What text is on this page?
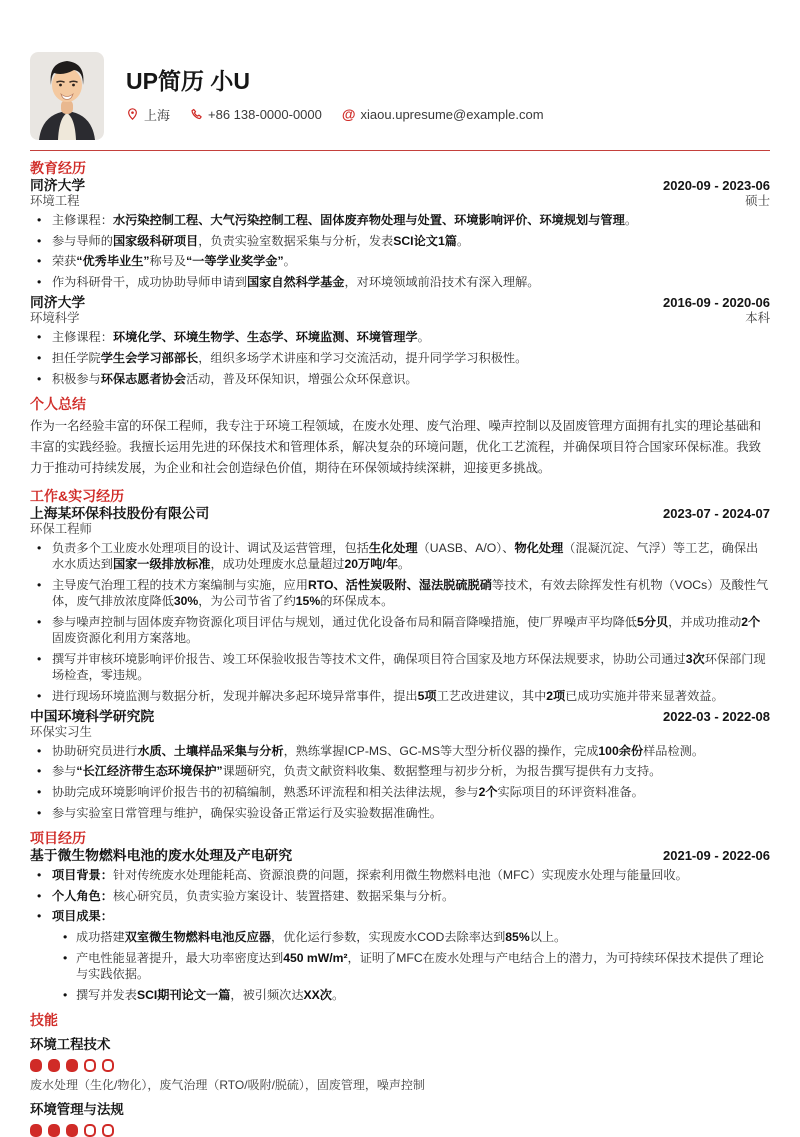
UP简历 小U
上海	+86 138-0000-0000 @ xiaou.upresume@example.com
教育经历
同济大学	2020-09 - 2023-06
环境工程	硕士
• 主修课程：水污染控制工程、大气污染控制工程、固体废弃物处理与处置、环境影响评价、环境规划与管理。
• 参与导师的国家级科研项目，负责实验室数据采集与分析，发表SCI论文1篇。
• 荣获“优秀毕业生”称号及“一等学业奖学金”。
• 作为科研骨干，成功协助导师申请到国家自然科学基金，对环境领域前沿技术有深入理解。
同济大学	2016-09 - 2020-06
环境科学	本科
• 主修课程：环境化学、环境生物学、生态学、环境监测、环境管理学。
• 担任学院学生会学习部部长，组织多场学术讲座和学习交流活动，提升同学学习积极性。
• 积极参与环保志愿者协会活动，普及环保知识，增强公众环保意识。
个人总结

作为一名经验丰富的环保工程师，我专注于环境工程领域，在废水处理、废气治理、噪声控制以及固废管理方面拥有扎实的理论基础和丰富的实践经验。我擅长运用先进的环保技术和管理体系，解决复杂的环境问题，优化工艺流程，并确保项目符合国家环保标准。我致力于推动可持续发展，为企业和社会创造绿色价值，期待在环保领域持续深耕，迎接更多挑战。

工作&实习经历
上海某环保科技股份有限公司	2023-07 - 2024-07
环保工程师
• 负责多个工业废水处理项目的设计、调试及运营管理，包括生化处理（UASB、A/O）、物化处理（混凝沉淀、气浮）等工艺，确保出水水质达到国家一级排放标准，成功处理废水总量超过20万吨/年。
• 主导废气治理工程的技术方案编制与实施，应用RTO、活性炭吸附、湿法脱硫脱硝等技术，有效去除挥发性有机物（VOCs）及酸性气体，废气排放浓度降低30%，为公司节省了约15%的环保成本。
• 参与噪声控制与固体废弃物资源化项目评估与规划，通过优化设备布局和隔音降噪措施，使厂界噪声平均降低5分贝，并成功推动2个固废资源化利用方案落地。
• 撰写并审核环境影响评价报告、竣工环保验收报告等技术文件，确保项目符合国家及地方环保法规要求，协助公司通过3次环保部门现场检查，零违规。
• 进行现场环境监测与数据分析，发现并解决多起环境异常事件，提出5项工艺改进建议，其中2项已成功实施并带来显著效益。
中国环境科学研究院	2022-03 - 2022-08
环保实习生
• 协助研究员进行水质、土壤样品采集与分析，熟练掌握ICP-MS、GC-MS等大型分析仪器的操作，完成100余份样品检测。
• 参与“长江经济带生态环境保护”课题研究，负责文献资料收集、数据整理与初步分析，为报告撰写提供有力支持。
• 协助完成环境影响评价报告书的初稿编制，熟悉环评流程和相关法律法规，参与2个实际项目的环评资料准备。
• 参与实验室日常管理与维护，确保实验设备正常运行及实验数据准确性。
项目经历
基于微生物燃料电池的废水处理及产电研究	2021-09 - 2022-06
• 项目背景：针对传统废水处理能耗高、资源浪费的问题，探索利用微生物燃料电池（MFC）实现废水处理与能量回收。
• 个人角色：核心研究员，负责实验方案设计、装置搭建、数据采集与分析。
• 项目成果：
• 成功搭建双室微生物燃料电池反应器，优化运行参数，实现废水COD去除率达到85%以上。
• 产电性能显著提升，最大功率密度达到450 mW/m²，证明了MFC在废水处理与产电结合上的潜力，为可持续环保技术提供了理论与实践依据。
• 撰写并发表SCI期刊论文一篇，被引频次达XX次。
技能
环境工程技术
废水处理（生化/物化），废气治理（RTO/吸附/脱硫），固废管理，噪声控制
环境管理与法规
